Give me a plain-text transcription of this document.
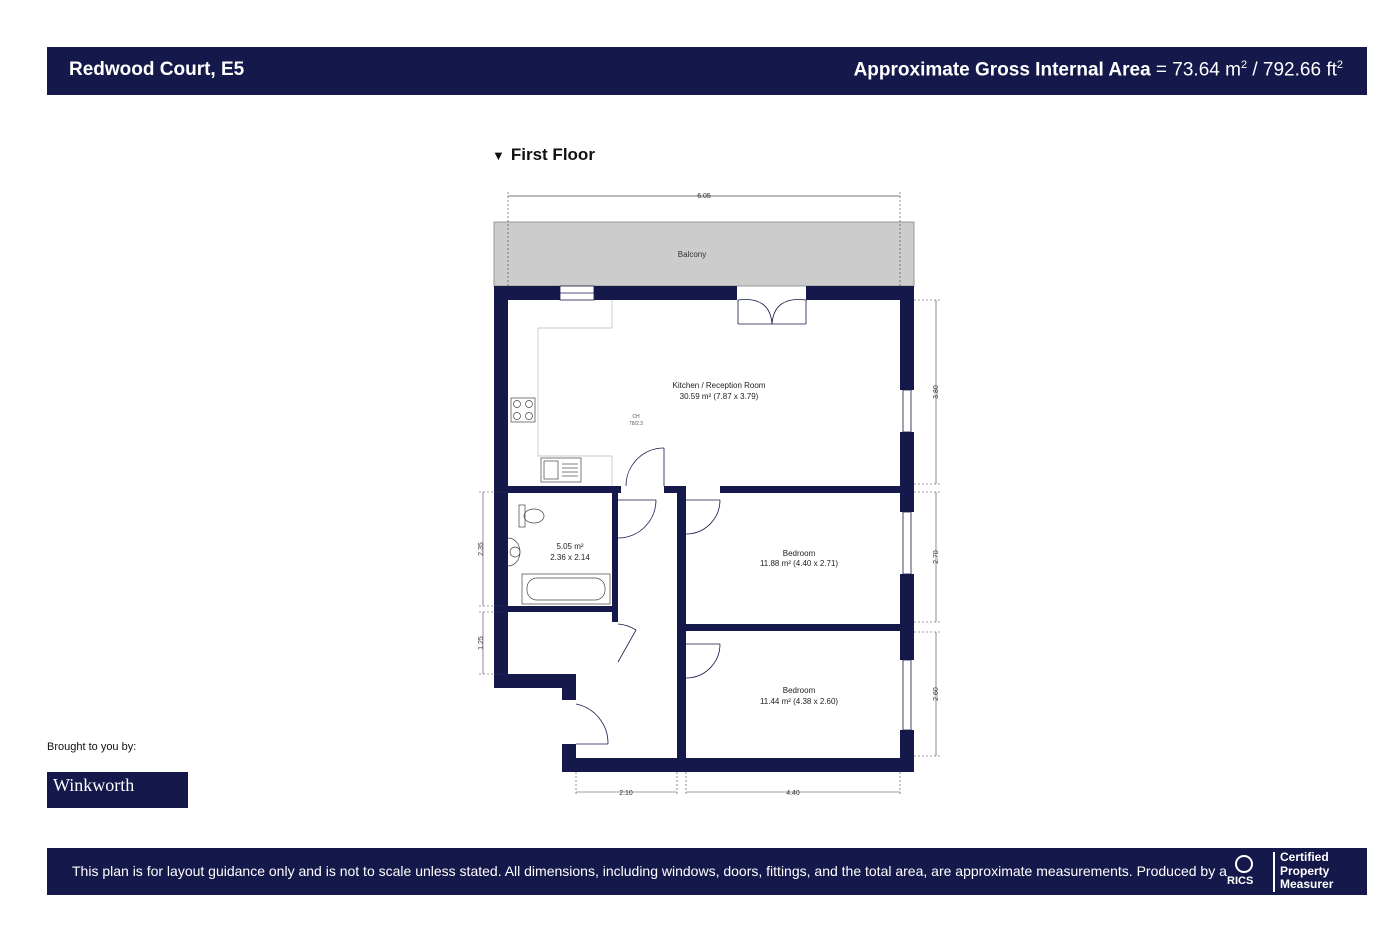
Redwood Court, E5	Approximate Gross Internal Area = 73.64 $m^2 / 792.66$ $ft^2$
▼ First Floor
Balcony
6.05
Kitchen / Reception Room
30.59 m² (7.87 x 3.79)
CH
78/2.3
5.05 m²
2.36 x 2.14	Bedroom
11.88 m² (4.40 x 2.71)
Bedroom
11.44 m² (4.38 x 2.60)
3.80
2.70
2.60
2.35
1.25
2.10	4.40
Brought to you by:
Winkworth
This plan is for layout guidance only and is not to scale unless stated. All dimensions, including windows, doors, fittings, and the total area, are approximate measurements. Produced by a
RICS
Certified
Property
Measurer
